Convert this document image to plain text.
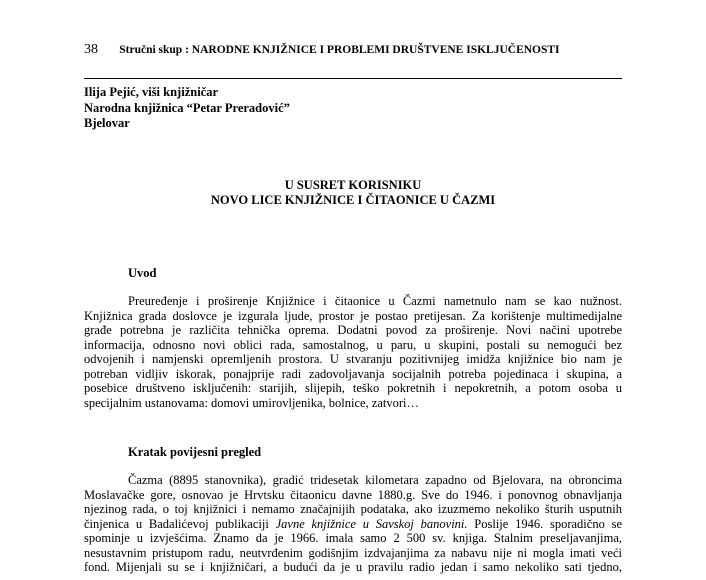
38 Stručni skup : NARODNE KNJIŽNICE I PROBLEMI DRUŠTVENE ISKLJUČENOSTI
Ilija Pejić, viši knjižničar
Narodna knjižnica “Petar Preradović”
Bjelovar
U SUSRET KORISNIKU
NOVO LICE KNJIŽNICE I ČITAONICE U ČAZMI
Uvod
Preuređenje i proširenje Knjižnice i čitaonice u Čazmi nametnulo nam se kao nužnost.
Knjižnica grada doslovce je izgurala ljude, prostor je postao pretijesan. Za korištenje multimedijalne
građe potrebna je različita tehnička oprema. Dodatni povod za proširenje. Novi načini upotrebe
informacija, odnosno novi oblici rada, samostalnog, u paru, u skupini, postali su nemogući bez
odvojenih i namjenski opremljenih prostora. U stvaranju pozitivnijeg imidža knjižnice bio nam je
potreban vidljiv iskorak, ponajprije radi zadovoljavanja socijalnih potreba pojedinaca i skupina, a
posebice društveno isključenih: starijih, slijepih, teško pokretnih i nepokretnih, a potom osoba u
specijalnim ustanovama: domovi umirovljenika, bolnice, zatvori…
Kratak povijesni pregled
Čazma (8895 stanovnika), gradić tridesetak kilometara zapadno od Bjelovara, na obroncima
Moslavačke gore, osnovao je Hrvtsku čitaonicu davne 1880.g. Sve do 1946. i ponovnog obnavljanja
njezinog rada, o toj knjižnici i nemamo značajnijih podataka, ako izuzmemo nekoliko šturih usputnih
činjenica u Badalićevoj publikaciji Javne knjižnice u Savskoj banovini. Poslije 1946. sporadično se
spominje u izvješćima. Znamo da je 1966. imala samo 2 500 sv. knjiga. Stalnim preseljavanjima,
nesustavnim pristupom radu, neutvrđenim godišnjim izdvajanjima za nabavu nije ni mogla imati veći
fond. Mijenjali su se i knjižničari, a budući da je u pravilu radio jedan i samo nekoliko sati tjedno,
